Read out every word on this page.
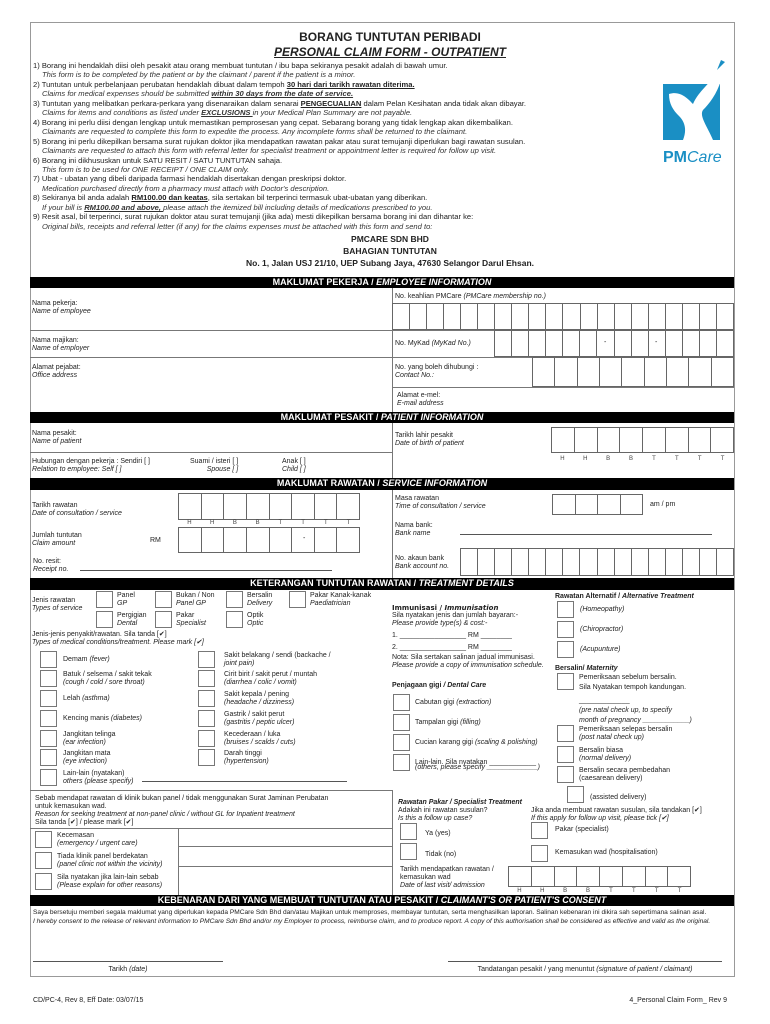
BORANG TUNTUTAN PERIBADI
PERSONAL CLAIM FORM - OUTPATIENT
PMCare
1) Borang ini hendaklah diisi oleh pesakit atau orang membuat tuntutan / ibu bapa sekiranya pesakit adalah di bawah umur.
This form is to be completed by the patient or by the claimant / parent if the patient is a minor.
2) Tuntutan untuk perbelanjaan perubatan hendaklah dibuat dalam tempoh 30 hari dari tarikh rawatan diterima.
Claims for medical expenses should be submitted within 30 days from the date of service.
3) Tuntutan yang melibatkan perkara-perkara yang disenaraikan dalam senarai PENGECUALIAN dalam Pelan Kesihatan anda tidak akan dibayar.
Claims for items and conditions as listed under EXCLUSIONS in your Medical Plan Summary are not payable.
4) Borang ini perlu diisi dengan lengkap untuk memastikan pemprosesan yang cepat. Sebarang borang yang tidak lengkap akan dikembalikan.
Claimants are requested to complete this form to expedite the process. Any incomplete forms shall be returned to the claimant.
5) Borang ini perlu dikepilkan bersama surat rujukan doktor jika mendapatkan rawatan pakar atau surat temujanji diperlukan bagi rawatan susulan.
Claimants are requested to attach this form with referral letter for specialist treatment or appointment letter is required for follow up visit.
6) Borang ini dikhususkan untuk SATU RESIT / SATU TUNTUTAN sahaja.
This form is to be used for ONE RECEIPT / ONE CLAIM only.
7) Ubat - ubatan yang dibeli daripada farmasi hendaklah disertakan dengan preskripsi doktor.
Medication purchased directly from a pharmacy must attach with Doctor's description.
8) Sekiranya bil anda adalah RM100.00 dan keatas, sila sertakan bil terperinci termasuk ubat-ubatan yang diberikan.
If your bill is RM100.00 and above, please attach the itemized bill including details of medications prescribed to you.
9) Resit asal, bil terperinci, surat rujukan doktor atau surat temujanji (jika ada) mesti dikepilkan bersama borang ini dan dihantar ke:
Original bills, receipts and referral letter (if any) for the claims expenses must be attached with this form and send to:
PMCARE SDN BHD
BAHAGIAN TUNTUTAN
No. 1, Jalan USJ 21/10, UEP Subang Jaya, 47630 Selangor Darul Ehsan.
MAKLUMAT PEKERJA / EMPLOYEE INFORMATION
Nama pekerja:
Name of employee
Nama majikan:
Name of employer
Alamat pejabat:
Office address
No. keahlian PMCare (PMCare membership no.)
No. MyKad (MyKad No.)	-	-
No. yang boleh dihubungi :
Contact No.:
Alamat e-mel:
E-mail address
MAKLUMAT PESAKIT / PATIENT INFORMATION
Nama pesakit:
Name of patient
Hubungan dengan pekerja : Sendiri [ ]
Relation to employee: Self [ ]
Suami / isteri [ ]
Spouse [ ]
Anak [ ]
Child [ ]
Tarikh lahir pesakit
Date of birth of patient
H	H	B	B	T	T	T	T
MAKLUMAT RAWATAN / SERVICE INFORMATION
Tarikh rawatan
Date of consultation / service
H	H	B	B	T	T	T	T
Jumlah tuntutan
Claim amount	RM	-
No. resit:
Receipt no.
Masa rawatan
Time of consultation / service	am / pm
Nama bank:
Bank name
No. akaun bank
Bank account no.
KETERANGAN TUNTUTAN RAWATAN / TREATMENT DETAILS
Jenis rawatan
Types of service
Panel
GP
Pergigian
Dental
Bukan / Non
Panel GP
Pakar
Specialist
Bersalin
Delivery
Optik
Optic
Pakar Kanak-kanak
Paediatrician
Jenis-jenis penyakit/rawatan. Sila tanda [✔]
Types of medical conditions/treatment. Please mark [✔]
Demam (fever)
Batuk / selsema / sakit tekak
(cough / cold / sore throat)
Lelah (asthma)
Kencing manis (diabetes)
Jangkitan telinga
(ear infection)
Jangkitan mata
(eye infection)
Lain-lain (nyatakan)
others (please specify)
Sakit belakang / sendi (backache /
joint pain)
Cirit birit / sakit perut / muntah
(diarrhea / colic / vomit)
Sakit kepala / pening
(headache / dizziness)
Gastrik / sakit perut
(gastritis / peptic ulcer)
Kecederaan / luka
(bruises / scalds / cuts)
Darah tinggi
(hypertension)
Immunisasi / Immunisation
Sila nyatakan jenis dan jumlah bayaran:-
Please provide type(s) & cost:-
1. _________________ RM ________
2. _________________ RM ________
Nota: Sila sertakan salinan jadual immunisasi.
Please provide a copy of immunisation schedule.
Penjagaan gigi / Dental Care
Cabutan gigi (extraction)
Tampalan gigi (filling)
Cucian karang gigi (scaling & polishing)
Lain-lain. Sila nyatakan ____________
(others, please specify _____________)
Rawatan Alternatif / Alternative Treatment
(Homeopathy)
(Chiropractor)
(Acupunture)
Bersalin/ Maternity
Pemeriksaan sebelum bersalin.
Sila Nyatakan tempoh kandungan.
_____________
(pre natal check up, to specify
month of pregnancy ____________)
Pemeriksaan selepas bersalin
(post natal check up)
Bersalin biasa
(normal delivery)
Bersalin secara pembedahan
(caesarean delivery)
(assisted delivery)
Sebab mendapat rawatan di klinik bukan panel / tidak menggunakan Surat Jaminan Perubatan
untuk kemasukan wad.
Reason for seeking treatment at non-panel clinic / without GL for Inpatient treatment
Sila tanda [✔] / please mark [✔]
Kecemasan
(emergency / urgent care)
Tiada klinik panel berdekatan
(panel clinic not within the vicinity)
Sila nyatakan jika lain-lain sebab
(Please explain for other reasons)
Rawatan Pakar / Specialist Treatment
Adakah ini rawatan susulan?
Is this a follow up case?
Jika anda membuat rawatan susulan, sila tandakan [✔]
If this apply for follow up visit, please tick [✔]
Ya (yes)
Tidak (no)
Pakar (specialist)
Kemasukan wad (hospitalisation)
Tarikh mendapatkan rawatan /
kemasukan wad
Date of last visit/ admission
H	H	B	B	T	T	T	T
KEBENARAN DARI YANG MEMBUAT TUNTUTAN ATAU PESAKIT / CLAIMANT'S OR PATIENT'S CONSENT
Saya bersetuju memberi segala maklumat yang diperlukan kepada PMCare Sdn Bhd dan/atau Majikan untuk memproses, membayar tuntutan, serta menghasilkan laporan. Salinan kebenaran ini dikira sah sepertimana salinan asal.
I hereby consent to the release of relevant information to PMCare Sdn Bhd and/or my Employer to process, reimburse claim, and to produce report. A copy of this authorisation shall be considered as effective and valid as the original.
Tarikh (date)	Tandatangan pesakit / yang menuntut (signature of patient / claimant)
CD/PC-4, Rev 8, Eff Date: 03/07/15	4_Personal Claim Form_ Rev 9
